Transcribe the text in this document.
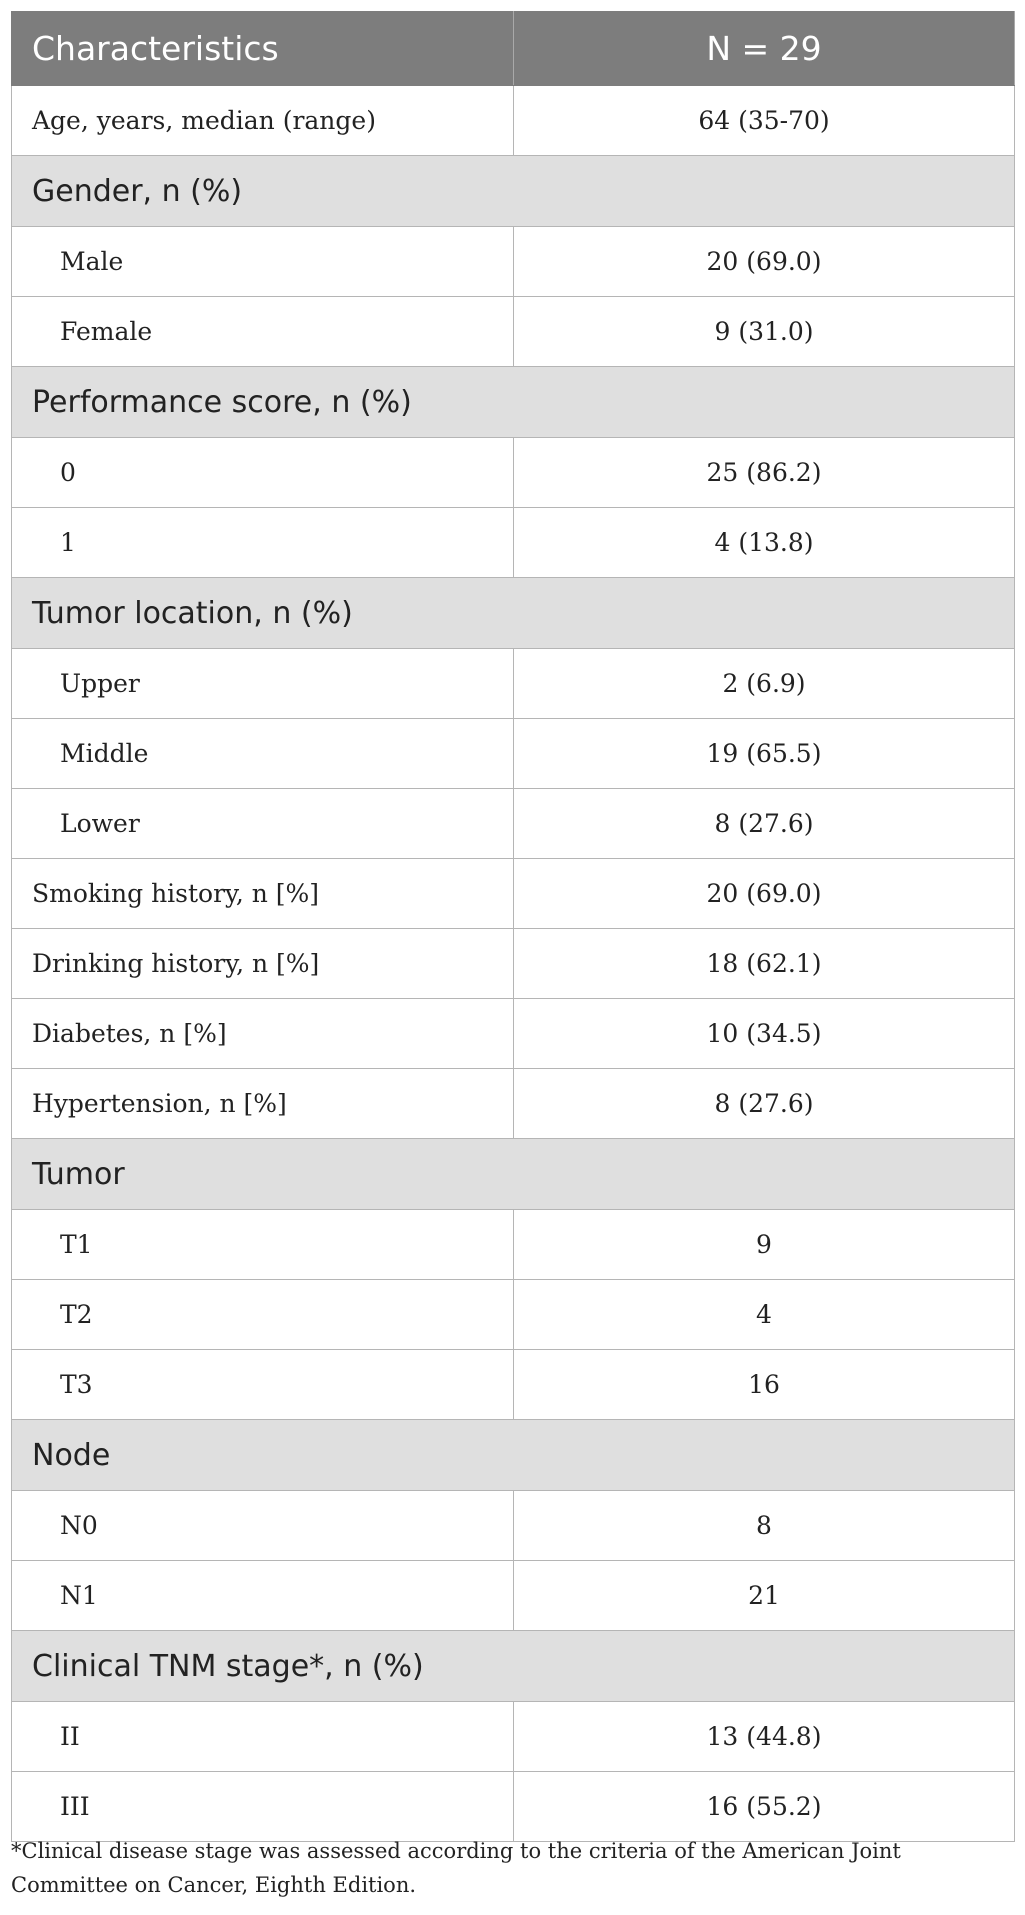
Characteristics	N = 29
Age, years, median (range)	64 (35-70)
Gender, n (%)	
Male	20 (69.0)
Female	9 (31.0)
Performance score, n (%)	
0	25 (86.2)
1	4 (13.8)
Tumor location, n (%)	
Upper	2 (6.9)
Middle	19 (65.5)
Lower	8 (27.6)
Smoking history, n [%]	20 (69.0)
Drinking history, n [%]	18 (62.1)
Diabetes, n [%]	10 (34.5)
Hypertension, n [%]	8 (27.6)
Tumor	
T1	9
T2	4
T3	16
Node	
N0	8
N1	21
Clinical TNM stage*, n (%)	
II	13 (44.8)
III	16 (55.2)
*Clinical disease stage was assessed according to the criteria of the American Joint Committee on Cancer, Eighth Edition.
